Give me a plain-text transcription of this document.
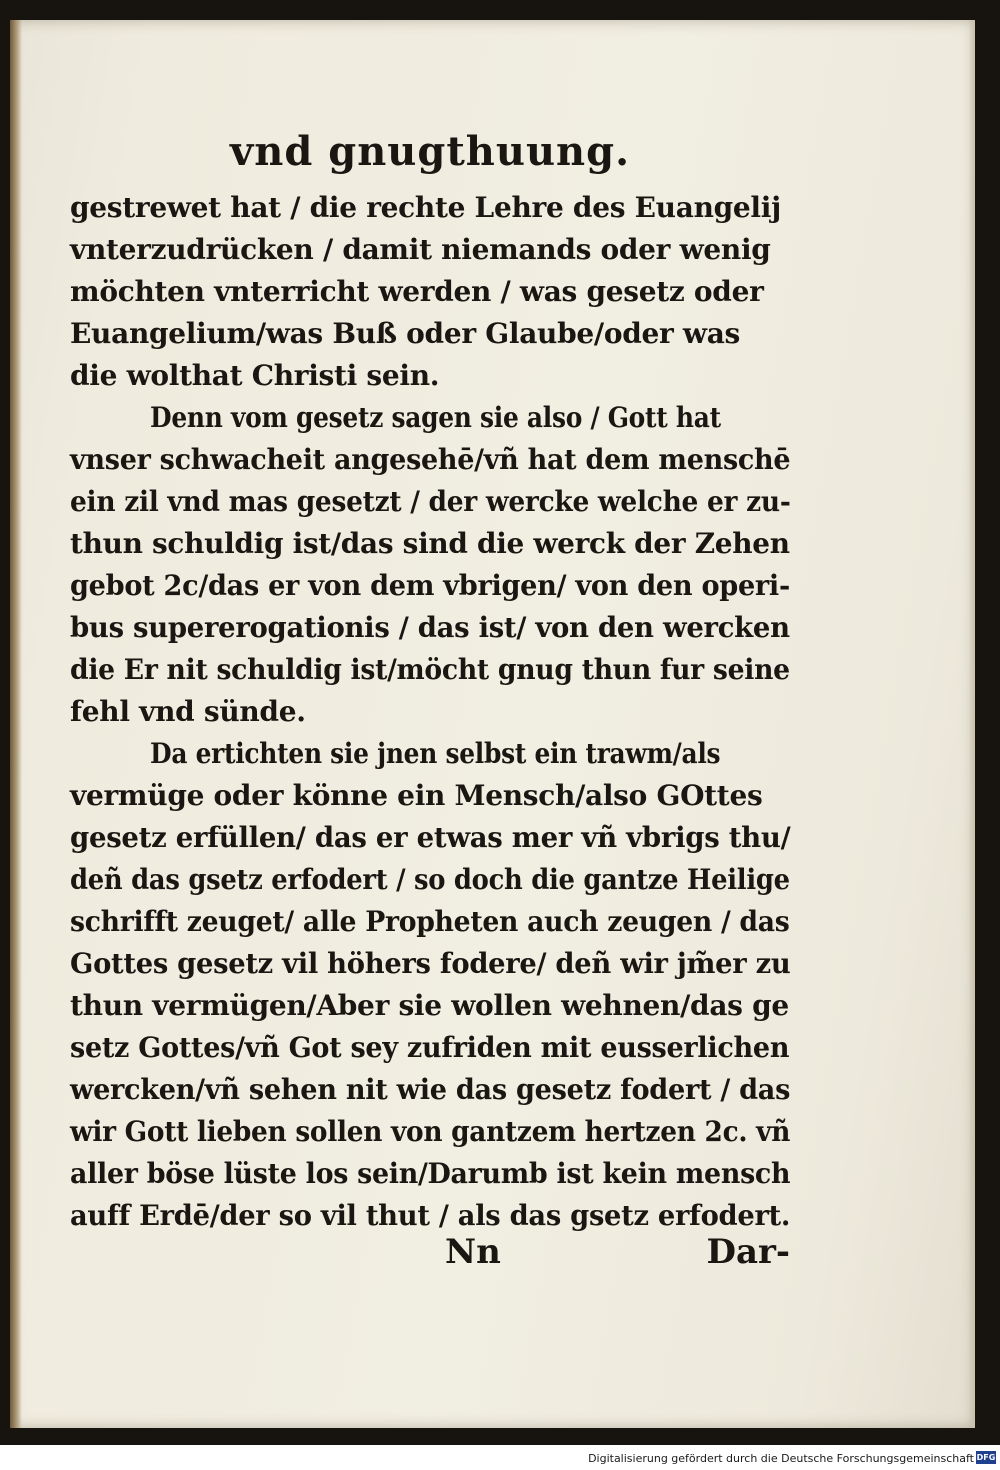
vnd gnugthuung.
gestrewet hat / die rechte Lehre des Euangelij
vnterzudrücken / damit niemands oder wenig
möchten vnterricht werden / was gesetz oder
Euangelium/was Buß oder Glaube/oder was
die wolthat Christi sein.
Denn vom gesetz sagen sie also / Gott hat
vnser schwacheit angesehē/vñ hat dem menschē
ein zil vnd mas gesetzt / der wercke welche er zu-
thun schuldig ist/das sind die werck der Zehen
gebot 2c/das er von dem vbrigen/ von den operi-
bus supererogationis / das ist/ von den wercken
die Er nit schuldig ist/möcht gnug thun fur seine
fehl vnd sünde.
Da ertichten sie jnen selbst ein trawm/als
vermüge oder könne ein Mensch/also GOttes
gesetz erfüllen/ das er etwas mer vñ vbrigs thu/
deñ das gsetz erfodert / so doch die gantze Heilige
schrifft zeuget/ alle Propheten auch zeugen / das
Gottes gesetz vil höhers fodere/ deñ wir jm̃er zu
thun vermügen/Aber sie wollen wehnen/das ge
setz Gottes/vñ Got sey zufriden mit eusserlichen
wercken/vñ sehen nit wie das gesetz fodert / das
wir Gott lieben sollen von gantzem hertzen 2c. vñ
aller böse lüste los sein/Darumb ist kein mensch
auff Erdē/der so vil thut / als das gsetz erfodert.
Nn	Dar-
Digitalisierung gefördert durch die Deutsche Forschungsgemeinschaft DFG
